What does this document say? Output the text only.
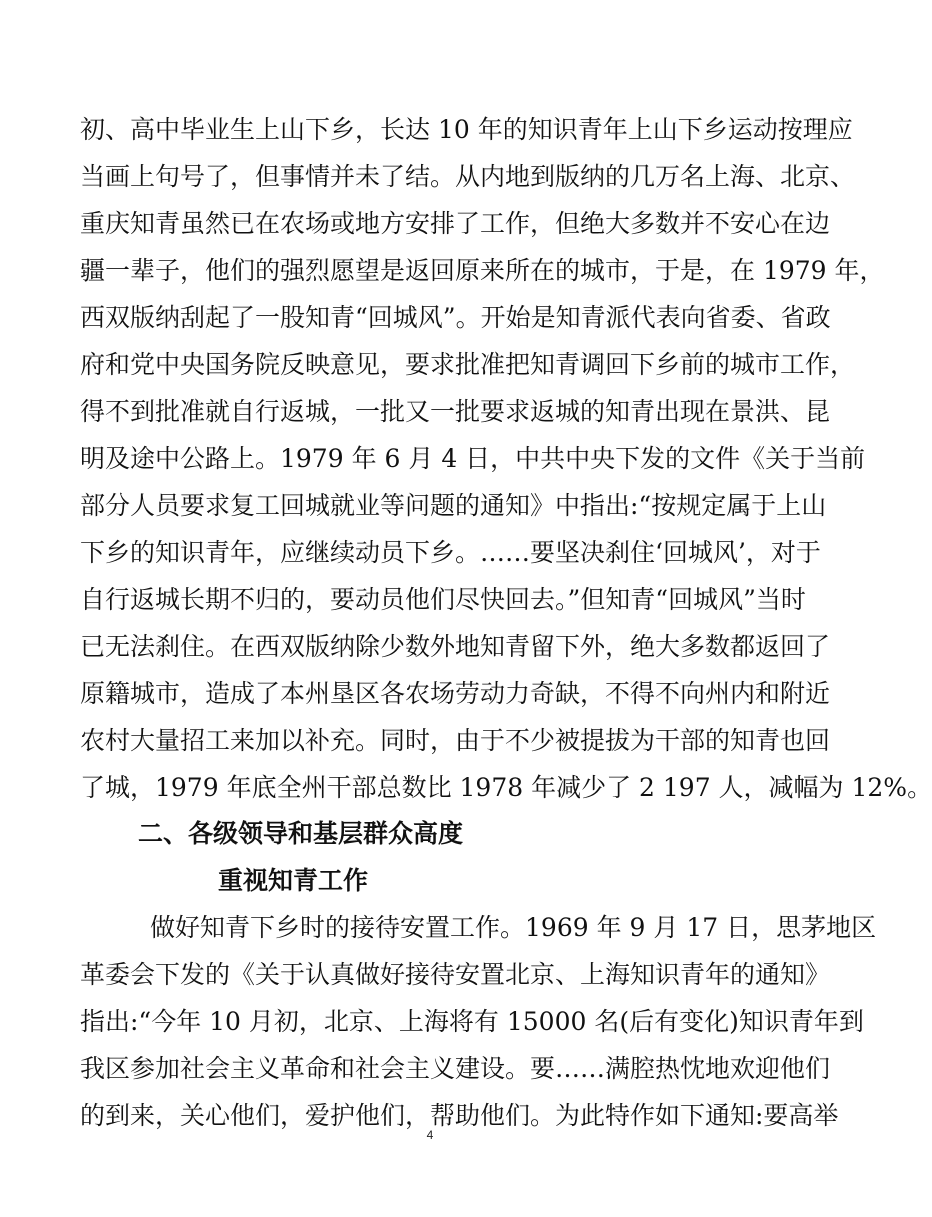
初、高中毕业生上山下乡，长达 10 年的知识青年上山下乡运动按理应
当画上句号了，但事情并未了结。从内地到版纳的几万名上海、北京、
重庆知青虽然已在农场或地方安排了工作，但绝大多数并不安心在边
疆一辈子，他们的强烈愿望是返回原来所在的城市，于是，在 1979 年，
西双版纳刮起了一股知青“回城风”。开始是知青派代表向省委、省政
府和党中央国务院反映意见，要求批准把知青调回下乡前的城市工作，
得不到批准就自行返城，一批又一批要求返城的知青出现在景洪、昆
明及途中公路上。1979 年 6 月 4 日，中共中央下发的文件《关于当前
部分人员要求复工回城就业等问题的通知》中指出:“按规定属于上山
下乡的知识青年，应继续动员下乡。……要坚决刹住‘回城风’，对于
自行返城长期不归的，要动员他们尽快回去。”但知青“回城风”当时
已无法刹住。在西双版纳除少数外地知青留下外，绝大多数都返回了
原籍城市，造成了本州垦区各农场劳动力奇缺，不得不向州内和附近
农村大量招工来加以补充。同时，由于不少被提拔为干部的知青也回
了城，1979 年底全州干部总数比 1978 年减少了 2 197 人，减幅为 12%。
二、各级领导和基层群众高度
重视知青工作
做好知青下乡时的接待安置工作。1969 年 9 月 17 日，思茅地区
革委会下发的《关于认真做好接待安置北京、上海知识青年的通知》
指出:“今年 10 月初，北京、上海将有 15000 名(后有变化)知识青年到
我区参加社会主义革命和社会主义建设。要……满腔热忱地欢迎他们
的到来，关心他们，爱护他们，帮助他们。为此特作如下通知:要高举
4
